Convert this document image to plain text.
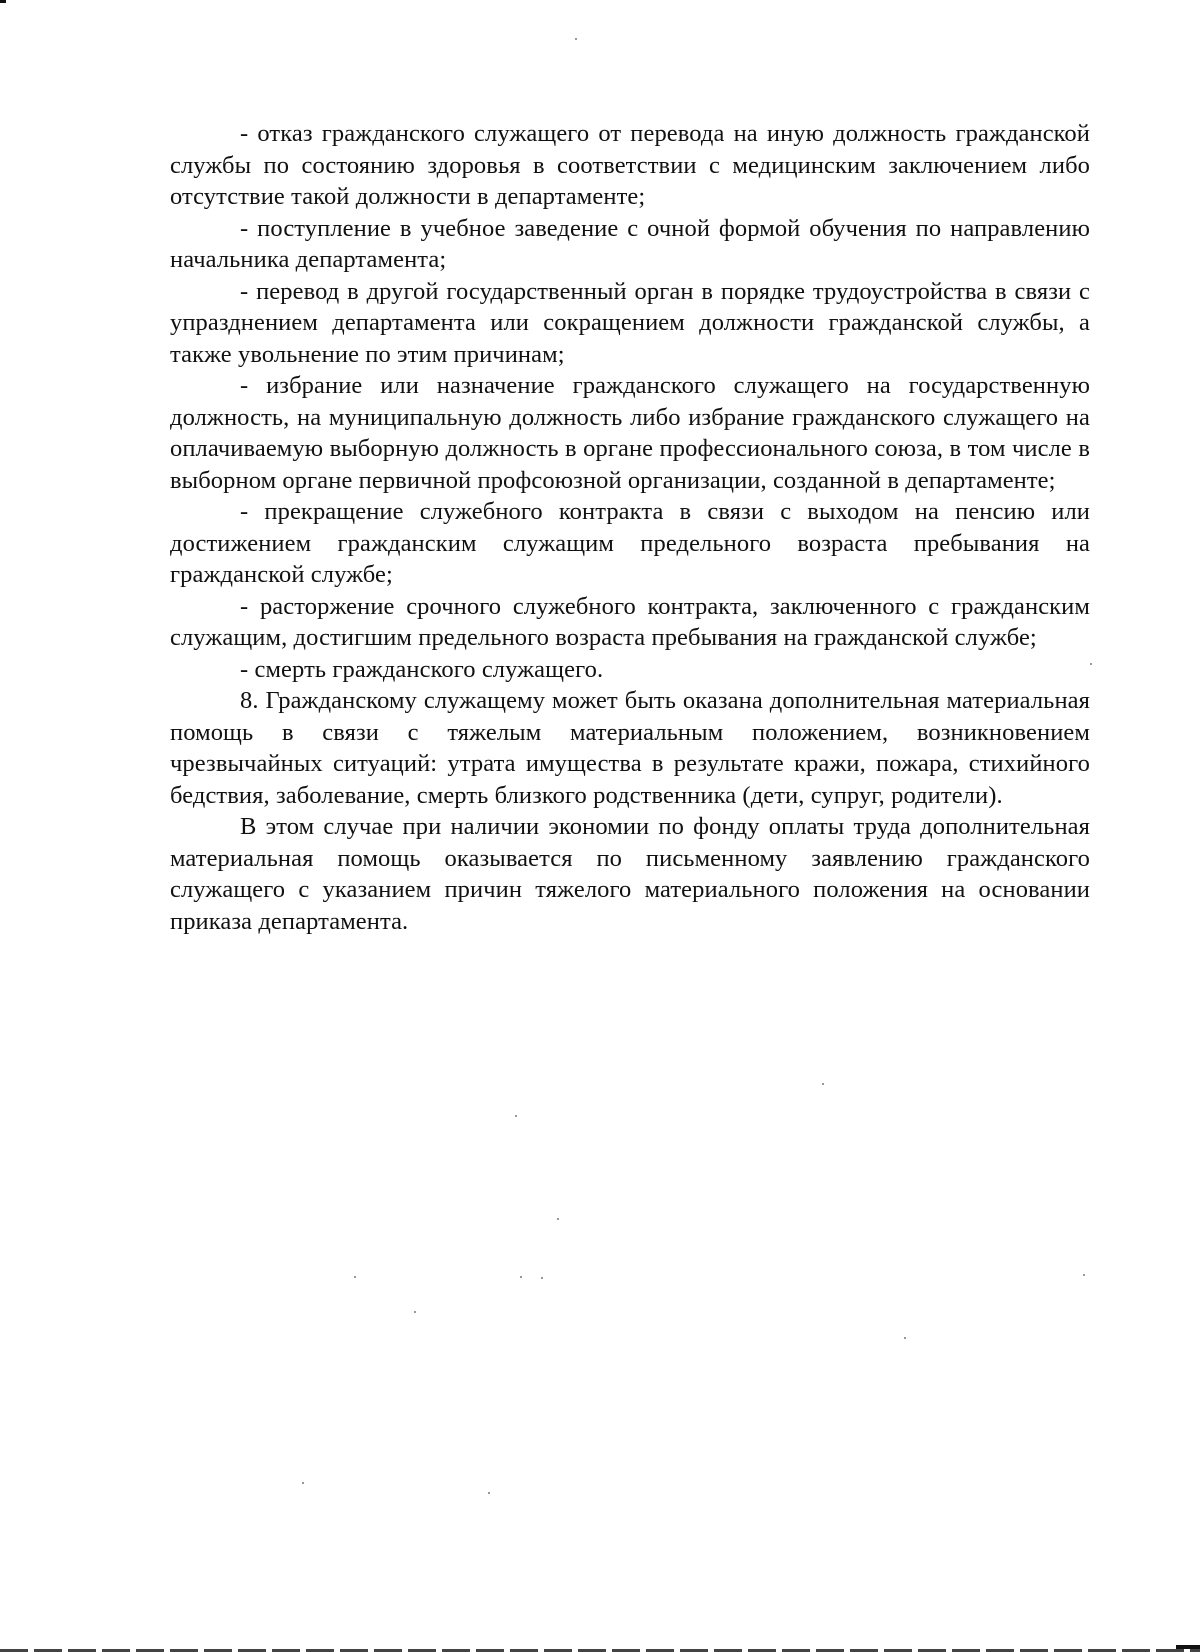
- отказ гражданского служащего от перевода на иную должность гражданской службы по состоянию здоровья в соответствии с медицинским заключением либо отсутствие такой должности в департаменте;

- поступление в учебное заведение с очной формой обучения по направлению начальника департамента;

- перевод в другой государственный орган в порядке трудоустройства в связи с упразднением департамента или сокращением должности гражданской службы, а также увольнение по этим причинам;

- избрание или назначение гражданского служащего на государственную должность, на муниципальную должность либо избрание гражданского служащего на оплачиваемую выборную должность в органе профессионального союза, в том числе в выборном органе первичной профсоюзной организации, созданной в департаменте;

- прекращение служебного контракта в связи с выходом на пенсию или достижением гражданским служащим предельного возраста пребывания на гражданской службе;

- расторжение срочного служебного контракта, заключенного с гражданским служащим, достигшим предельного возраста пребывания на гражданской службе;

- смерть гражданского служащего.

8. Гражданскому служащему может быть оказана дополнительная материальная помощь в связи с тяжелым материальным положением, возникновением чрезвычайных ситуаций: утрата имущества в результате кражи, пожара, стихийного бедствия, заболевание, смерть близкого родственника (дети, супруг, родители).

В этом случае при наличии экономии по фонду оплаты труда дополнительная материальная помощь оказывается по письменному заявлению гражданского служащего с указанием причин тяжелого материального положения на основании приказа департамента.
